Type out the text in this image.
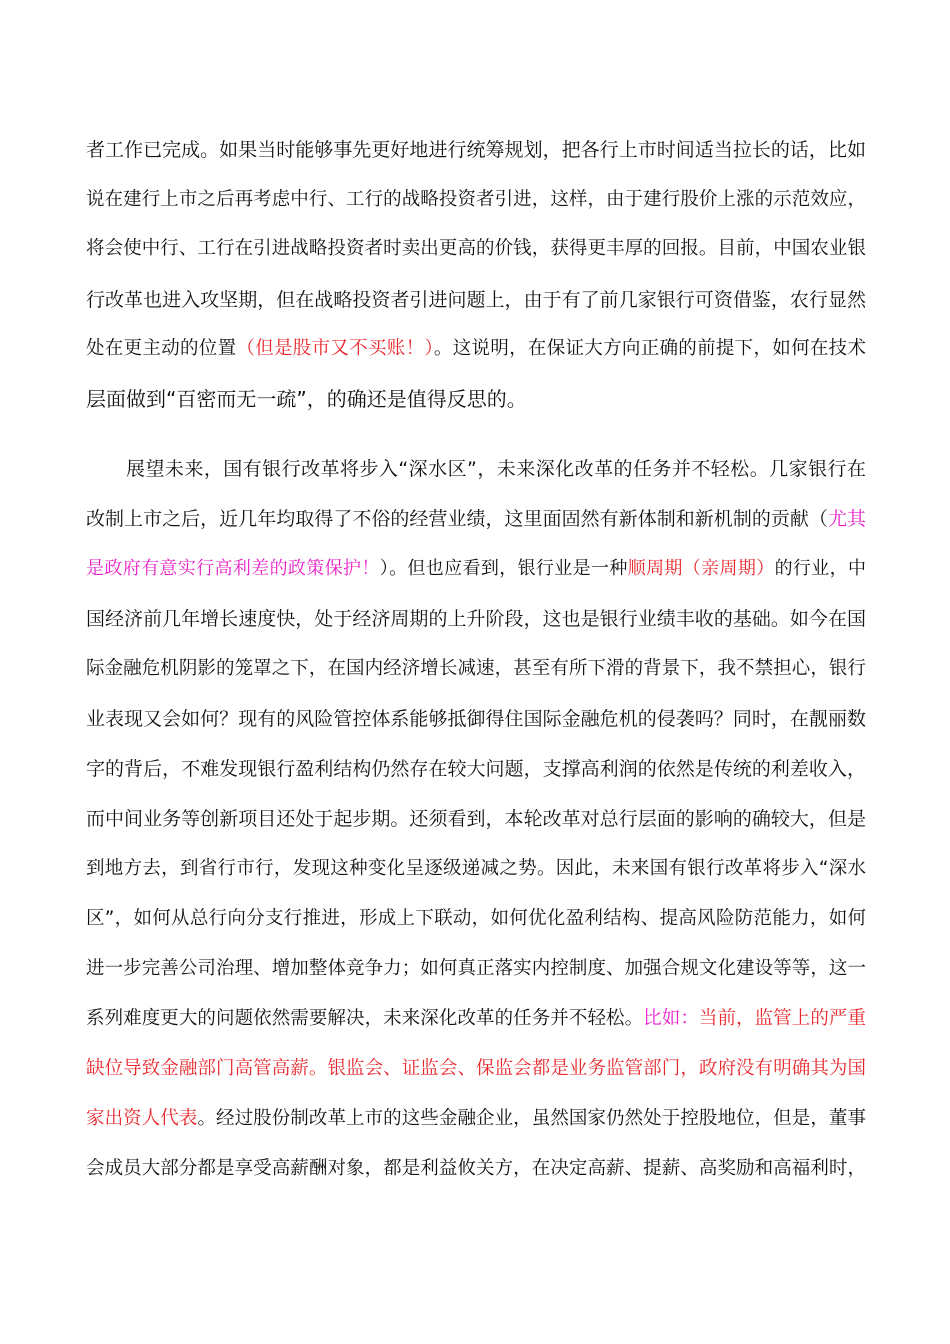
者工作已完成。如果当时能够事先更好地进行统筹规划，把各行上市时间适当拉长的话，比如
说在建行上市之后再考虑中行、工行的战略投资者引进，这样，由于建行股价上涨的示范效应，
将会使中行、工行在引进战略投资者时卖出更高的价钱，获得更丰厚的回报。目前，中国农业银
行改革也进入攻坚期，但在战略投资者引进问题上，由于有了前几家银行可资借鉴，农行显然
处在更主动的位置（但是股市又不买账！）。这说明，在保证大方向正确的前提下，如何在技术
层面做到“百密而无一疏”，的确还是值得反思的。
展望未来，国有银行改革将步入“深水区”，未来深化改革的任务并不轻松。几家银行在
改制上市之后，近几年均取得了不俗的经营业绩，这里面固然有新体制和新机制的贡献（尤其
是政府有意实行高利差的政策保护！）。但也应看到，银行业是一种顺周期（亲周期）的行业，中
国经济前几年增长速度快，处于经济周期的上升阶段，这也是银行业绩丰收的基础。如今在国
际金融危机阴影的笼罩之下，在国内经济增长减速，甚至有所下滑的背景下，我不禁担心，银行
业表现又会如何？现有的风险管控体系能够抵御得住国际金融危机的侵袭吗？同时，在靓丽数
字的背后，不难发现银行盈利结构仍然存在较大问题，支撑高利润的依然是传统的利差收入，
而中间业务等创新项目还处于起步期。还须看到，本轮改革对总行层面的影响的确较大，但是
到地方去，到省行市行，发现这种变化呈逐级递减之势。因此，未来国有银行改革将步入“深水
区”，如何从总行向分支行推进，形成上下联动，如何优化盈利结构、提高风险防范能力，如何
进一步完善公司治理、增加整体竞争力；如何真正落实内控制度、加强合规文化建设等等，这一
系列难度更大的问题依然需要解决，未来深化改革的任务并不轻松。比如：当前，监管上的严重
缺位导致金融部门高管高薪。银监会、证监会、保监会都是业务监管部门，政府没有明确其为国
家出资人代表。经过股份制改革上市的这些金融企业，虽然国家仍然处于控股地位，但是，董事
会成员大部分都是享受高薪酬对象，都是利益攸关方，在决定高薪、提薪、高奖励和高福利时，
